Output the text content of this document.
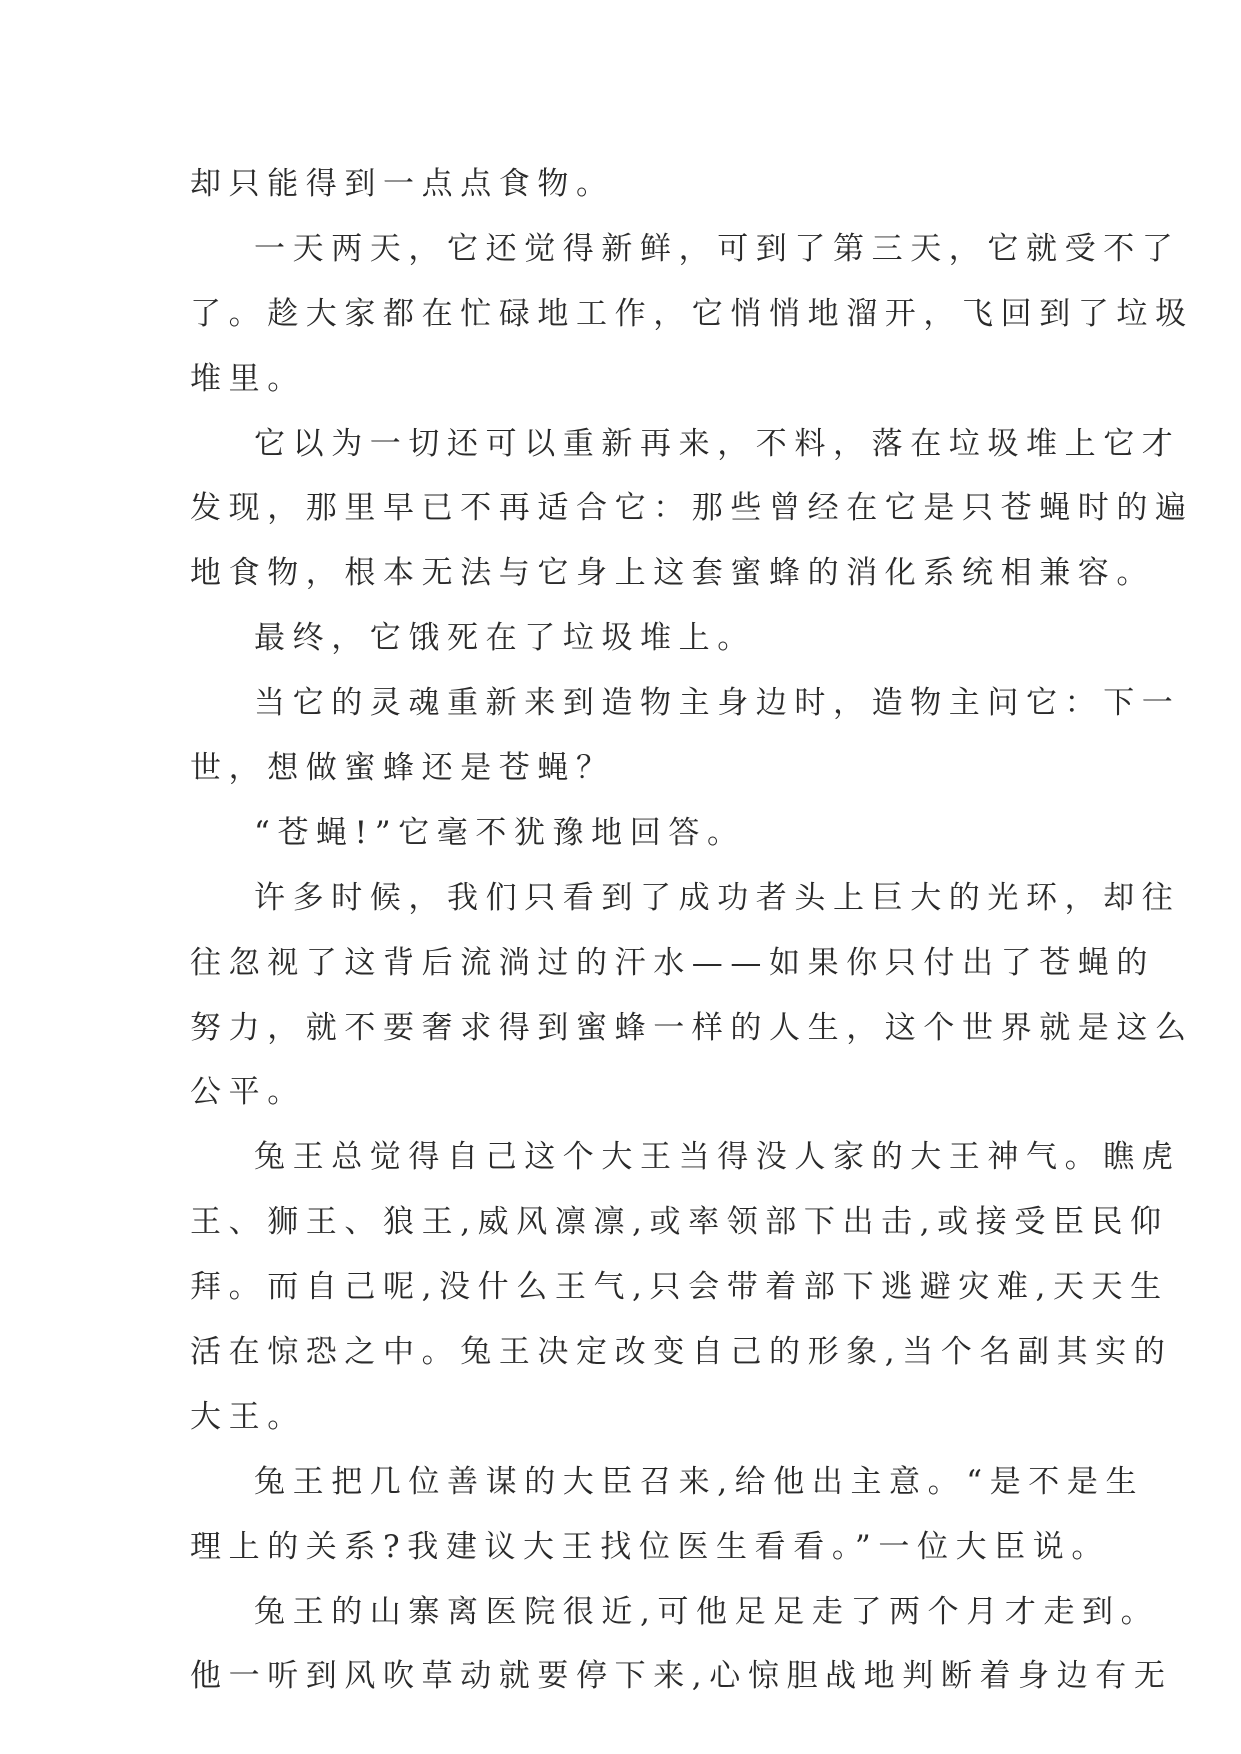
却只能得到一点点食物。
一天两天，它还觉得新鲜，可到了第三天，它就受不了
了。趁大家都在忙碌地工作，它悄悄地溜开，飞回到了垃圾
堆里。
它以为一切还可以重新再来，不料，落在垃圾堆上它才
发现，那里早已不再适合它：那些曾经在它是只苍蝇时的遍
地食物，根本无法与它身上这套蜜蜂的消化系统相兼容。
最终，它饿死在了垃圾堆上。
当它的灵魂重新来到造物主身边时，造物主问它：下一
世，想做蜜蜂还是苍蝇？
“苍蝇!”它毫不犹豫地回答。
许多时候，我们只看到了成功者头上巨大的光环，却往
往忽视了这背后流淌过的汗水——如果你只付出了苍蝇的
努力，就不要奢求得到蜜蜂一样的人生，这个世界就是这么
公平。
兔王总觉得自己这个大王当得没人家的大王神气。瞧虎
王、狮王、狼王,威风凛凛,或率领部下出击,或接受臣民仰
拜。而自己呢,没什么王气,只会带着部下逃避灾难,天天生
活在惊恐之中。兔王决定改变自己的形象,当个名副其实的
大王。
兔王把几位善谋的大臣召来,给他出主意。“是不是生
理上的关系?我建议大王找位医生看看。”一位大臣说。
兔王的山寨离医院很近,可他足足走了两个月才走到。
他一听到风吹草动就要停下来,心惊胆战地判断着身边有无
